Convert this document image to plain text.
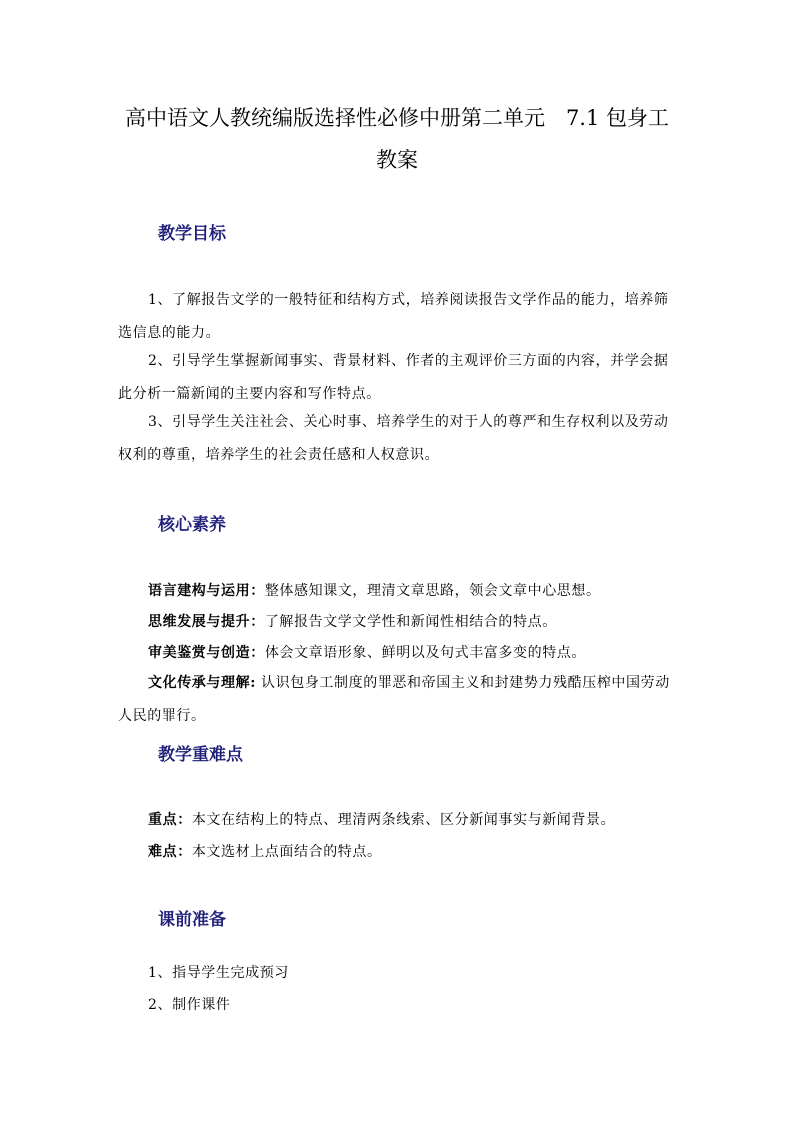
高中语文人教统编版选择性必修中册第二单元　7.1 包身工
教案
教学目标

1、了解报告文学的一般特征和结构方式，培养阅读报告文学作品的能力，培养筛选信息的能力。

2、引导学生掌握新闻事实、背景材料、作者的主观评价三方面的内容，并学会据此分析一篇新闻的主要内容和写作特点。

3、引导学生关注社会、关心时事、培养学生的对于人的尊严和生存权利以及劳动权利的尊重，培养学生的社会责任感和人权意识。

核心素养

语言建构与运用：整体感知课文，理清文章思路，领会文章中心思想。

思维发展与提升：了解报告文学文学性和新闻性相结合的特点。

审美鉴赏与创造：体会文章语形象、鲜明以及句式丰富多变的特点。

文化传承与理解: 认识包身工制度的罪恶和帝国主义和封建势力残酷压榨中国劳动人民的罪行。

教学重难点

重点：本文在结构上的特点、理清两条线索、区分新闻事实与新闻背景。

难点：本文选材上点面结合的特点。

课前准备

1、指导学生完成预习

2、制作课件
